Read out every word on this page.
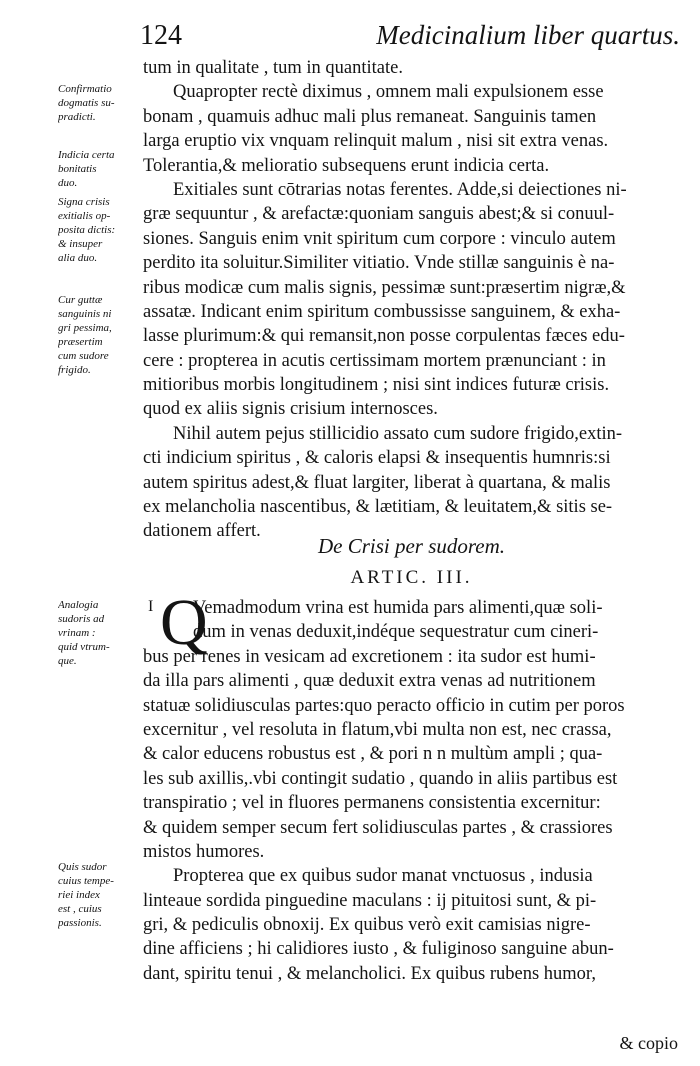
124	Medicinalium liber quartus.
tum in qualitate , tum in quantitate.
Quapropter rectè diximus , omnem mali expulsionem esse
bonam , quamuis adhuc mali plus remaneat. Sanguinis tamen
larga eruptio vix vnquam relinquit malum , nisi sit extra venas.
Tolerantia,& melioratio subsequens erunt indicia certa.
Exitiales sunt cōtrarias notas ferentes. Adde,si deiectiones ni-
græ sequuntur , & arefactæ:quoniam sanguis abest;& si conuul-
siones. Sanguis enim vnit spiritum cum corpore : vinculo autem
perdito ita soluitur.Similiter vitiatio. Vnde stillæ sanguinis è na-
ribus modicæ cum malis signis, pessimæ sunt:præsertim nigræ,&
assatæ. Indicant enim spiritum combussisse sanguinem, & exha-
lasse plurimum:& qui remansit,non posse corpulentas fæces edu-
cere : propterea in acutis certissimam mortem prænunciant : in
mitioribus morbis longitudinem ; nisi sint indices futuræ crisis.
quod ex aliis signis crisium internosces.
Nihil autem pejus stillicidio assato cum sudore frigido,extin-
cti indicium spiritus , & caloris elapsi & insequentis humnris:si
autem spiritus adest,& fluat largiter, liberat à quartana, & malis
ex melancholia nascentibus, & lætitiam, & leuitatem,& sitis se-
dationem affert.
De Crisi per sudorem.
ARTIC. III.
I Q
Vemadmodum vrina est humida pars alimenti,quæ soli-
dum in venas deduxit,indéque sequestratur cum cineri-
bus per renes in vesicam ad excretionem : ita sudor est humi-
da illa pars alimenti , quæ deduxit extra venas ad nutritionem
statuæ solidiusculas partes:quo peracto officio in cutim per poros
excernitur , vel resoluta in flatum,vbi multa non est, nec crassa,
& calor educens robustus est , & pori n n multùm ampli ; qua-
les sub axillis,.vbi contingit sudatio , quando in aliis partibus est
transpiratio ; vel in fluores permanens consistentia excernitur:
& quidem semper secum fert solidiusculas partes , & crassiores
mistos humores.
Propterea que ex quibus sudor manat vnctuosus , indusia
linteaue sordida pinguedine maculans : ij pituitosi sunt, & pi-
gri, & pediculis obnoxij. Ex quibus verò exit camisias nigre-
dine afficiens ; hi calidiores iusto , & fuliginoso sanguine abun-
dant, spiritu tenui , & melancholici. Ex quibus rubens humor,
& copio
Confirmatio
dogmatis su-
pradicti.
Indicia certa
bonitatis
duo.
Signa crisis
exitialis op-
posita dictis:
& insuper
alia duo.
Cur guttæ
sanguinis ni
gri pessima,
præsertim
cum sudore
frigido.
Analogia
sudoris ad
vrinam :
quid vtrum-
que.
Quis sudor
cuius tempe-
riei index
est , cuius
passionis.
